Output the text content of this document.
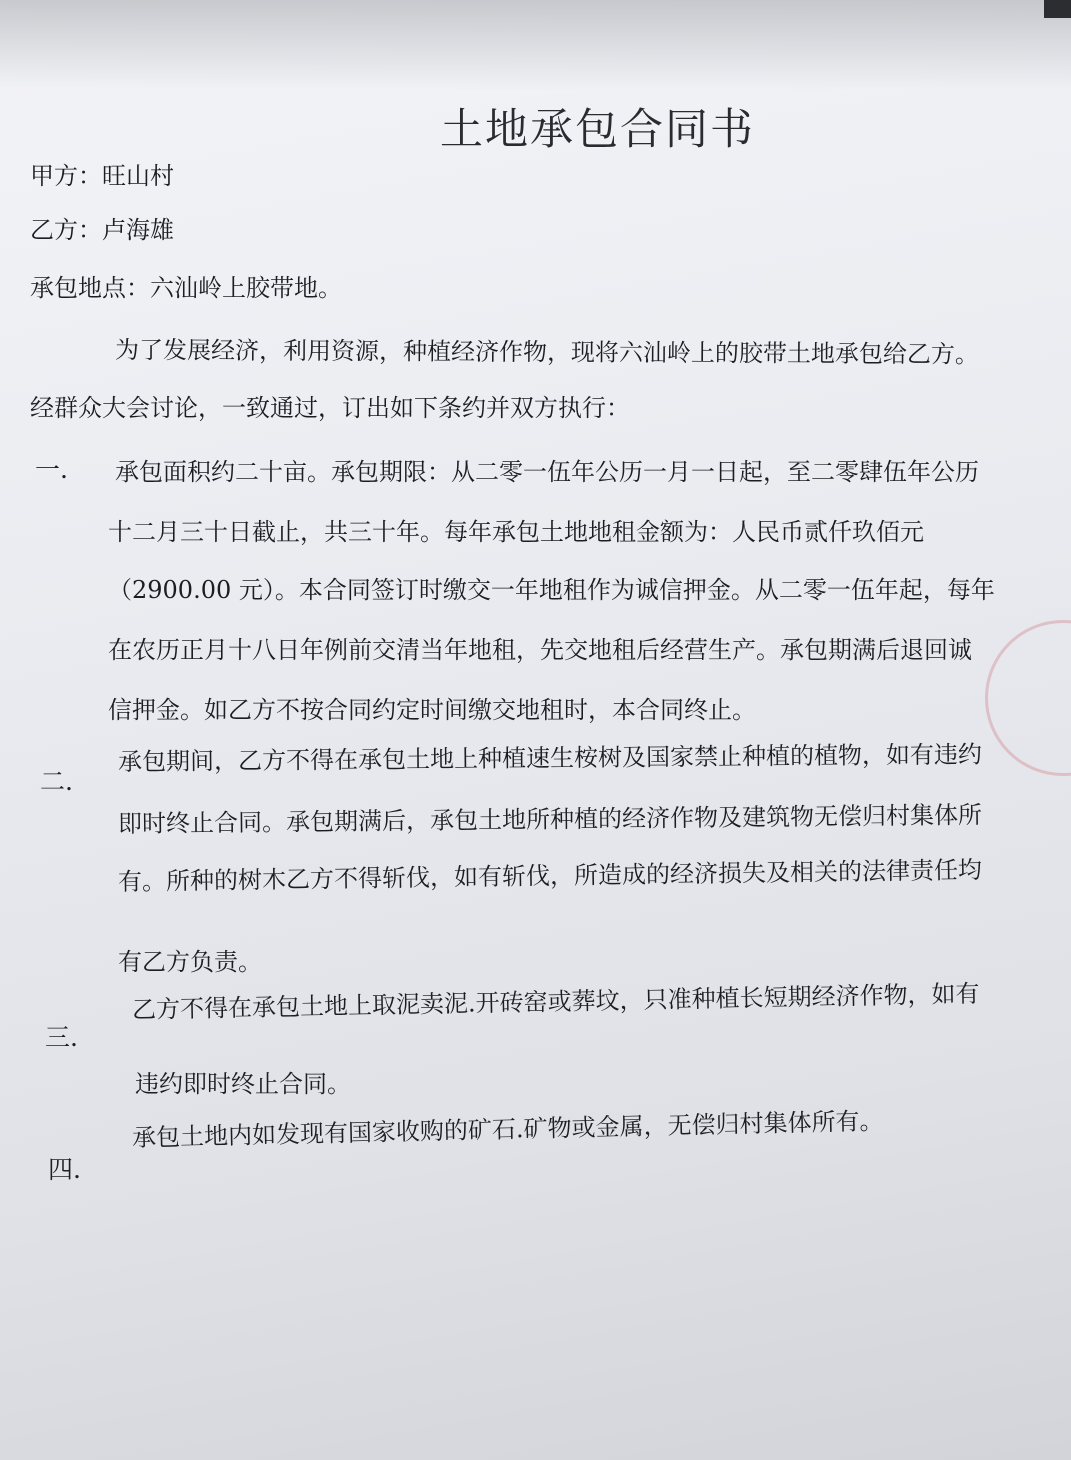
土地承包合同书
甲方：旺山村
乙方：卢海雄
承包地点：六汕岭上胶带地。
为了发展经济，利用资源，种植经济作物，现将六汕岭上的胶带土地承包给乙方。
经群众大会讨论，一致通过，订出如下条约并双方执行：
一. 承包面积约二十亩。承包期限：从二零一伍年公历一月一日起，至二零肆伍年公历
十二月三十日截止，共三十年。每年承包土地地租金额为：人民币贰仟玖佰元
（2900.00 元）。本合同签订时缴交一年地租作为诚信押金。从二零一伍年起，每年
在农历正月十八日年例前交清当年地租，先交地租后经营生产。承包期满后退回诚
信押金。如乙方不按合同约定时间缴交地租时，本合同终止。
二.
承包期间，乙方不得在承包土地上种植速生桉树及国家禁止种植的植物，如有违约
即时终止合同。承包期满后，承包土地所种植的经济作物及建筑物无偿归村集体所
有。所种的树木乙方不得斩伐，如有斩伐，所造成的经济损失及相关的法律责任均
有乙方负责。
三.
乙方不得在承包土地上取泥卖泥.开砖窑或葬坟，只准种植长短期经济作物，如有
违约即时终止合同。
四.
承包土地内如发现有国家收购的矿石.矿物或金属，无偿归村集体所有。
